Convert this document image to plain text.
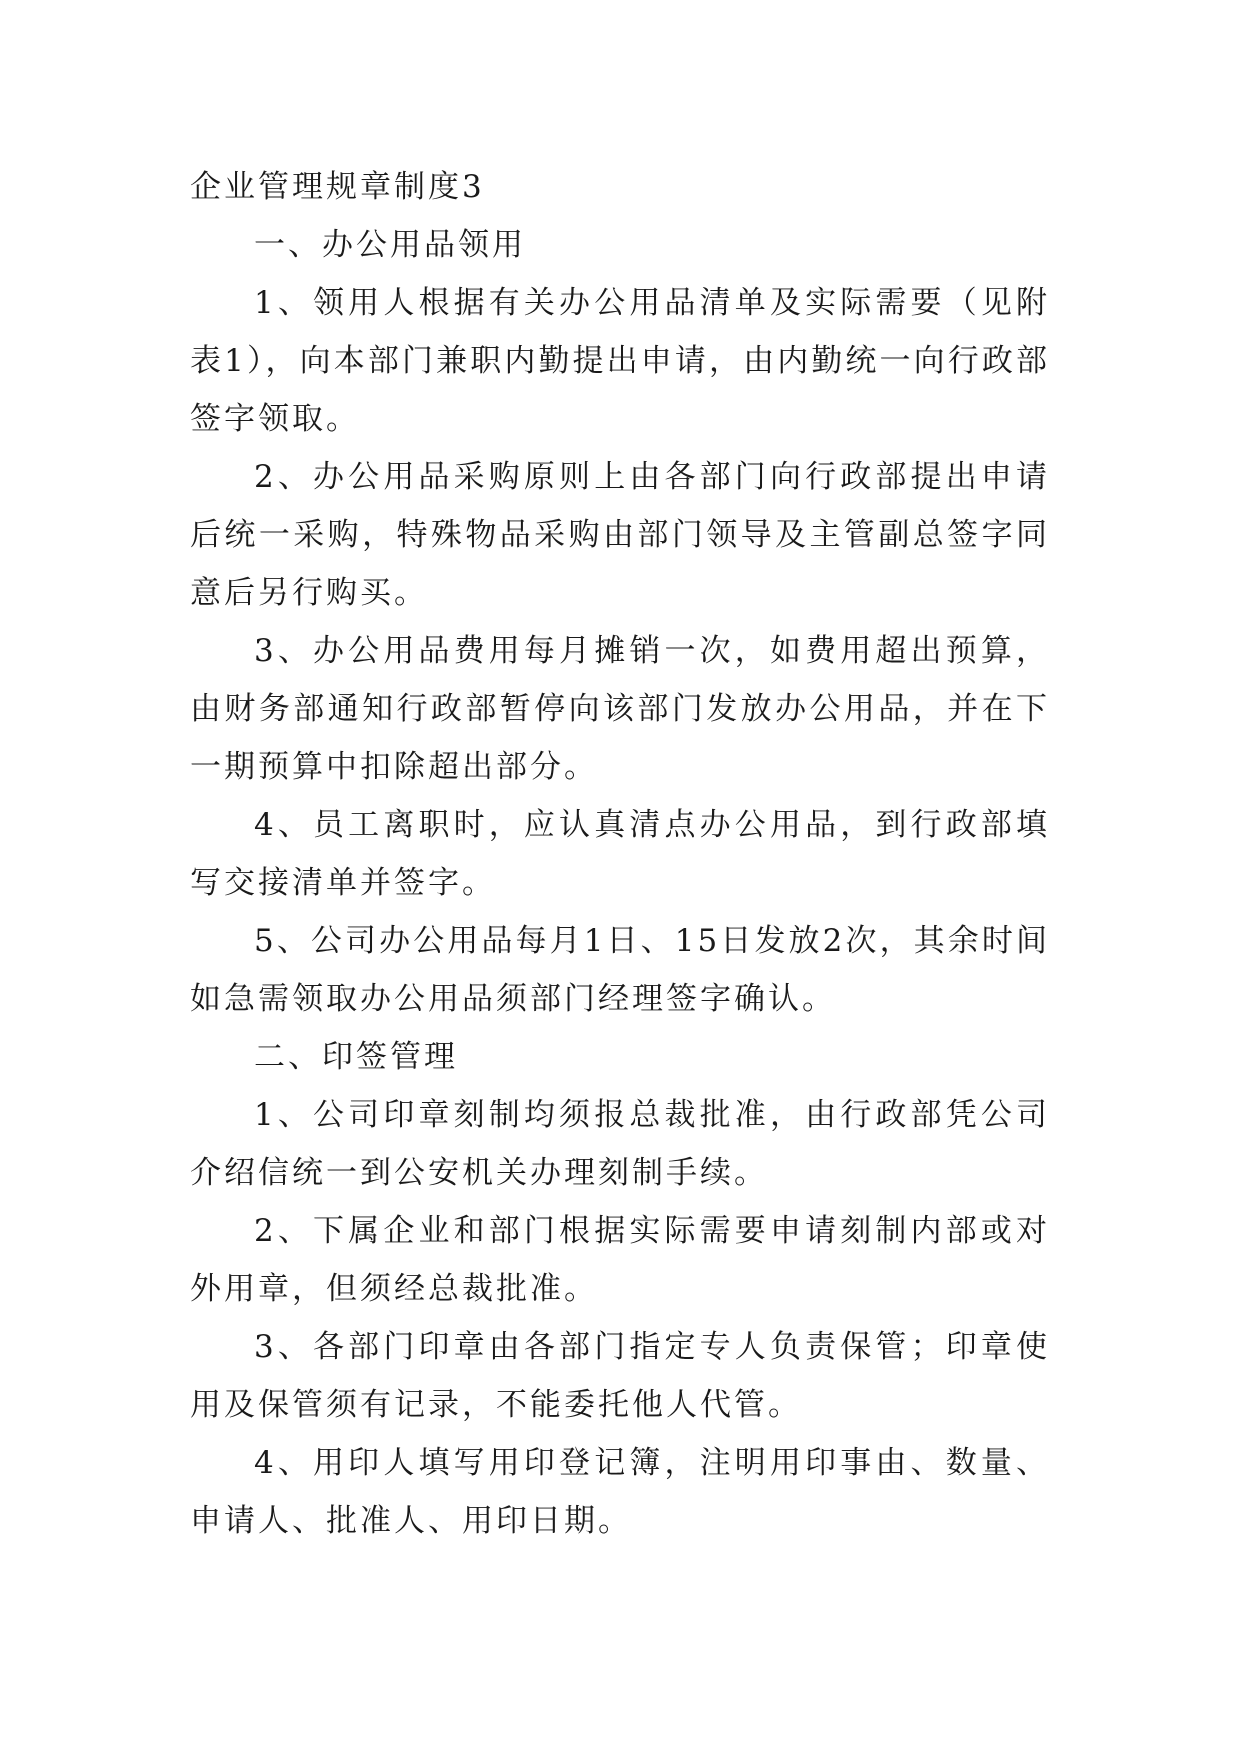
企业管理规章制度3
一、办公用品领用

1、领用人根据有关办公用品清单及实际需要（见附表1），向本部门兼职内勤提出申请，由内勤统一向行政部签字领取。

2、办公用品采购原则上由各部门向行政部提出申请后统一采购，特殊物品采购由部门领导及主管副总签字同意后另行购买。

3、办公用品费用每月摊销一次，如费用超出预算，由财务部通知行政部暂停向该部门发放办公用品，并在下一期预算中扣除超出部分。

4、员工离职时，应认真清点办公用品，到行政部填写交接清单并签字。

5、公司办公用品每月1日、15日发放2次，其余时间如急需领取办公用品须部门经理签字确认。

二、印签管理

1、公司印章刻制均须报总裁批准，由行政部凭公司介绍信统一到公安机关办理刻制手续。

2、下属企业和部门根据实际需要申请刻制内部或对外用章，但须经总裁批准。

3、各部门印章由各部门指定专人负责保管；印章使用及保管须有记录，不能委托他人代管。

4、用印人填写用印登记簿，注明用印事由、数量、申请人、批准人、用印日期。
